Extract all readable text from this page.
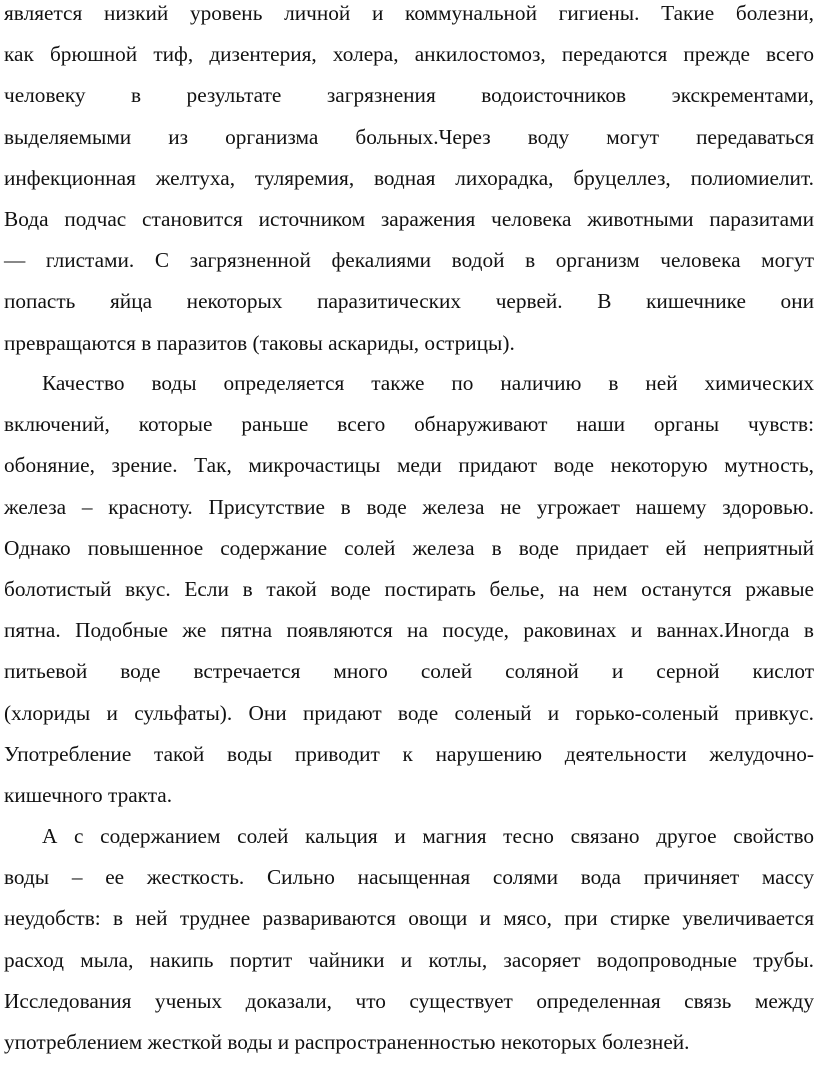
является низкий уровень личной и коммунальной гигиены. Такие болезни,
как брюшной тиф, дизентерия, холера, анкилостомоз, передаются прежде всего
человеку в результате загрязнения водоисточников экскрементами,
выделяемыми из организма больных.Через воду могут передаваться
инфекционная желтуха, туляремия, водная лихорадка, бруцеллез, полиомиелит.
Вода подчас становится источником заражения человека животными паразитами
— глистами. С загрязненной фекалиями водой в организм человека могут
попасть яйца некоторых паразитических червей. В кишечнике они
превращаются в паразитов (таковы аскариды, острицы).
Качество воды определяется также по наличию в ней химических
включений, которые раньше всего обнаруживают наши органы чувств:
обоняние, зрение. Так, микрочастицы меди придают воде некоторую мутность,
железа – красноту. Присутствие в воде железа не угрожает нашему здоровью.
Однако повышенное содержание солей железа в воде придает ей неприятный
болотистый вкус. Если в такой воде постирать белье, на нем останутся ржавые
пятна. Подобные же пятна появляются на посуде, раковинах и ваннах.Иногда в
питьевой воде встречается много солей соляной и серной кислот
(хлориды и сульфаты). Они придают воде соленый и горько-соленый привкус.
Употребление такой воды приводит к нарушению деятельности желудочно-
кишечного тракта.
А с содержанием солей кальция и магния тесно связано другое свойство
воды – ее жесткость. Сильно насыщенная солями вода причиняет массу
неудобств: в ней труднее развариваются овощи и мясо, при стирке увеличивается
расход мыла, накипь портит чайники и котлы, засоряет водопроводные трубы.
Исследования ученых доказали, что существует определенная связь между
употреблением жесткой воды и распространенностью некоторых болезней.
